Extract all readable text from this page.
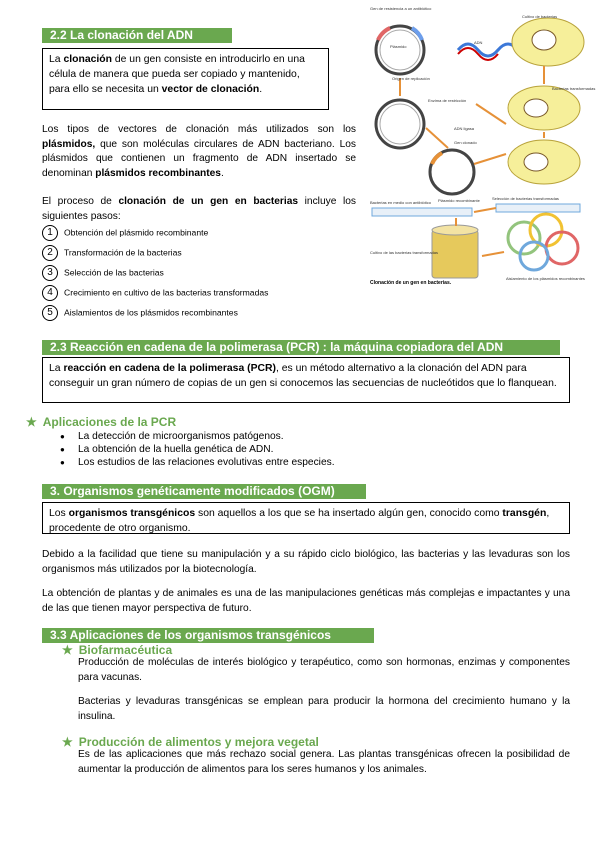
2.2 La clonación del ADN
La clonación de un gen consiste en introducirlo en una célula de manera que pueda ser copiado y mantenido, para ello se necesita un vector de clonación.
Los tipos de vectores de clonación más utilizados son los plásmidos, que son moléculas circulares de ADN bacteriano. Los plásmidos que contienen un fragmento de ADN insertado se denominan plásmidos recombinantes.
El proceso de clonación de un gen en bacterias incluye los siguientes pasos:
1 Obtención del plásmido recombinante
2 Transformación de la bacterias
3 Selección de las bacterias
4 Crecimiento en cultivo de las bacterias transformadas
5 Aislamientos de los plásmidos recombinantes
Gen de resistencia a un antibiótico
Plásmido
Origen de replicación
ADN
Enzima de restricción
ADN ligasa
Gen clonado
Plásmido recombinante
Cultivo de bacterias
Bacterias transformadas
Selección de bacterias transformadas
Bacterias en medio con antibiótico
Cultivo de las bacterias transformadas
Aislamiento de los plásmidos recombinantes
Clonación de un gen en bacterias.
2.3 Reacción en cadena de la polimerasa (PCR) : la máquina copiadora del ADN
La reacción en cadena de la polimerasa (PCR), es un método alternativo a la clonación del ADN para conseguir un gran número de copias de un gen si conocemos las secuencias de nucleótidos que lo flanquean.
★ Aplicaciones de la PCR
● La detección de microorganismos patógenos.
● La obtención de la huella genética de ADN.
● Los estudios de las relaciones evolutivas entre especies.
3. Organismos genéticamente modificados (OGM)
Los organismos transgénicos son aquellos a los que se ha insertado algún gen, conocido como transgén, procedente de otro organismo.
Debido a la facilidad que tiene su manipulación y a su rápido ciclo biológico, las bacterias y las levaduras son los organismos más utilizados por la biotecnología.
La obtención de plantas y de animales es una de las manipulaciones genéticas más complejas e impactantes y una de las que tienen mayor perspectiva de futuro.
3.3 Aplicaciones de los organismos transgénicos
★ Biofarmacéutica
Producción de moléculas de interés biológico y terapéutico, como son hormonas, enzimas y componentes para vacunas.
Bacterias y levaduras transgénicas se emplean para producir la hormona del crecimiento humano y la insulina.
★ Producción de alimentos y mejora vegetal
Es de las aplicaciones que más rechazo social genera. Las plantas transgénicas ofrecen la posibilidad de aumentar la producción de alimentos para los seres humanos y los animales.
